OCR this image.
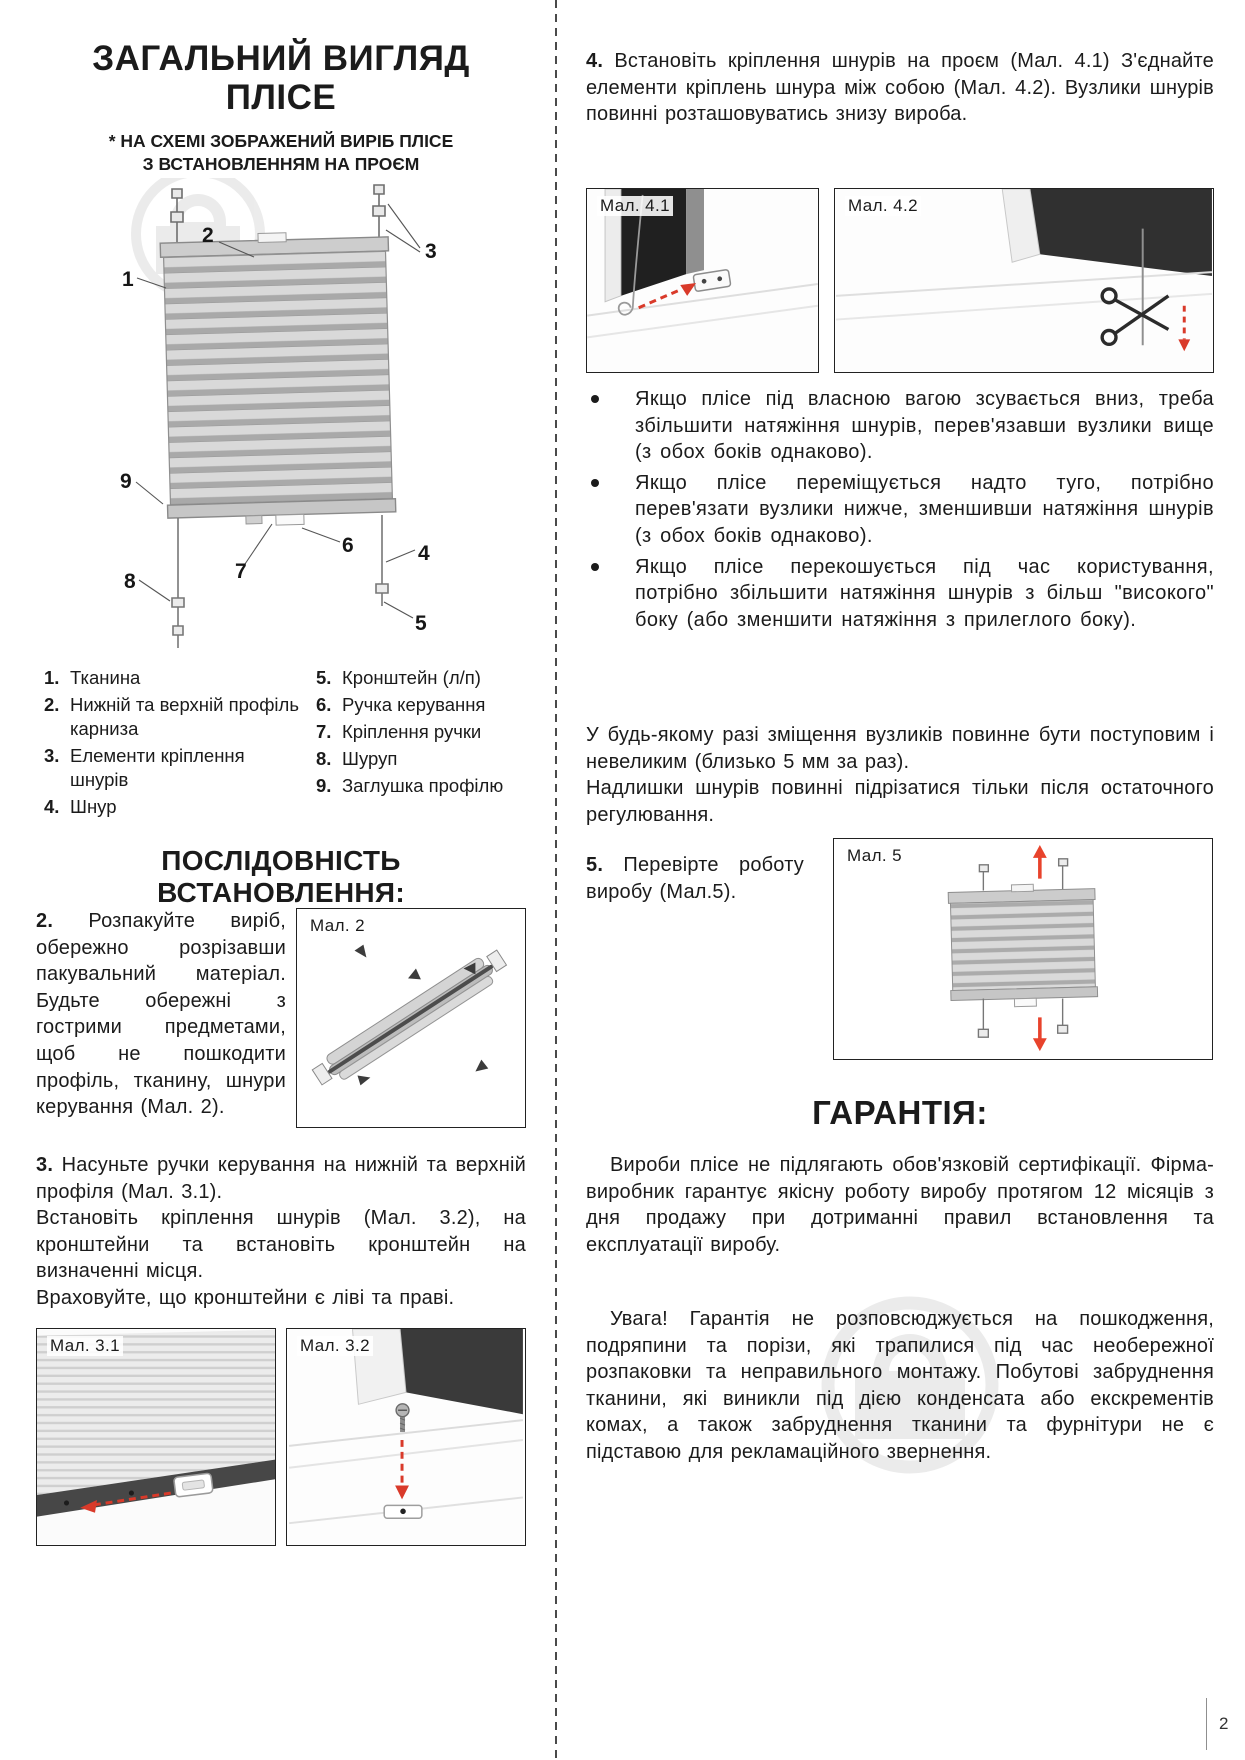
ЗАГАЛЬНИЙ ВИГЛЯД
ПЛІСЕ
* НА СХЕМІ ЗОБРАЖЕНИЙ ВИРІБ ПЛІСЕ
З ВСТАНОВЛЕННЯМ НА ПРОЄМ
1
2
3
4
5
6
7
8
9
1. Тканина
2. Нижній та верхній профіль карниза
3. Елементи кріплення шнурів
4. Шнур
5. Кронштейн (л/п)
6. Ручка керування
7. Кріплення ручки
8. Шуруп
9. Заглушка профілю
ПОСЛІДОВНІСТЬ ВСТАНОВЛЕННЯ:

2. Розпакуйте виріб, обережно розрізавши пакувальний матеріал. Будьте обережні з гострими предметами, щоб не пошкодити профіль, тканину, шнури керування (Мал. 2).

Мал. 2
3. Насуньте ручки керування на нижній та верхній профіля (Мал. 3.1).
Встановіть кріплення шнурів (Мал. 3.2), на кронштейни та встановіть кронштейн на визначенні місця.
Враховуйте, що кронштейни є ліві та праві.
Мал. 3.1	Мал. 3.2

4. Встановіть кріплення шнурів на проєм (Мал. 4.1) З'єднайте елементи кріплень шнура між собою (Мал. 4.2). Вузлики шнурів повинні розташовуватись знизу вироба.

Мал. 4.1	Мал. 4.2
Якщо плісе під власною вагою зсувається вниз, треба збільшити натяжіння шнурів, перев'язавши вузлики вище (з обох боків однаково).
Якщо плісе переміщується надто туго, потрібно перев'язати вузлики нижче, зменшивши натяжіння шнурів (з обох боків однаково).
Якщо плісе перекошується під час користування, потрібно збільшити натяжіння шнурів з більш "високого" боку (або зменшити натяжіння з прилеглого боку).

У будь-якому разі зміщення вузликів повинне бути поступовим і невеликим (близько 5 мм за раз).

Надлишки шнурів повинні підрізатися тільки після остаточного регулювання.

5. Перевірте роботу виробу (Мал.5).

Мал. 5
ГАРАНТІЯ:

Вироби плісе не підлягають обов'язковій сертифікації. Фірма-виробник гарантує якісну роботу виробу протягом 12 місяців з дня продажу при дотриманні правил встановлення та експлуатації виробу.

Увага! Гарантія не розповсюджується на пошкодження, подряпини та порізи, які трапилися під час необережної розпаковки та неправильного монтажу. Побутові забруднення тканини, які виникли під дією конденсата або екскрементів комах, а також забруднення тканини та фурнітури не є підставою для рекламаційного звернення.

2
